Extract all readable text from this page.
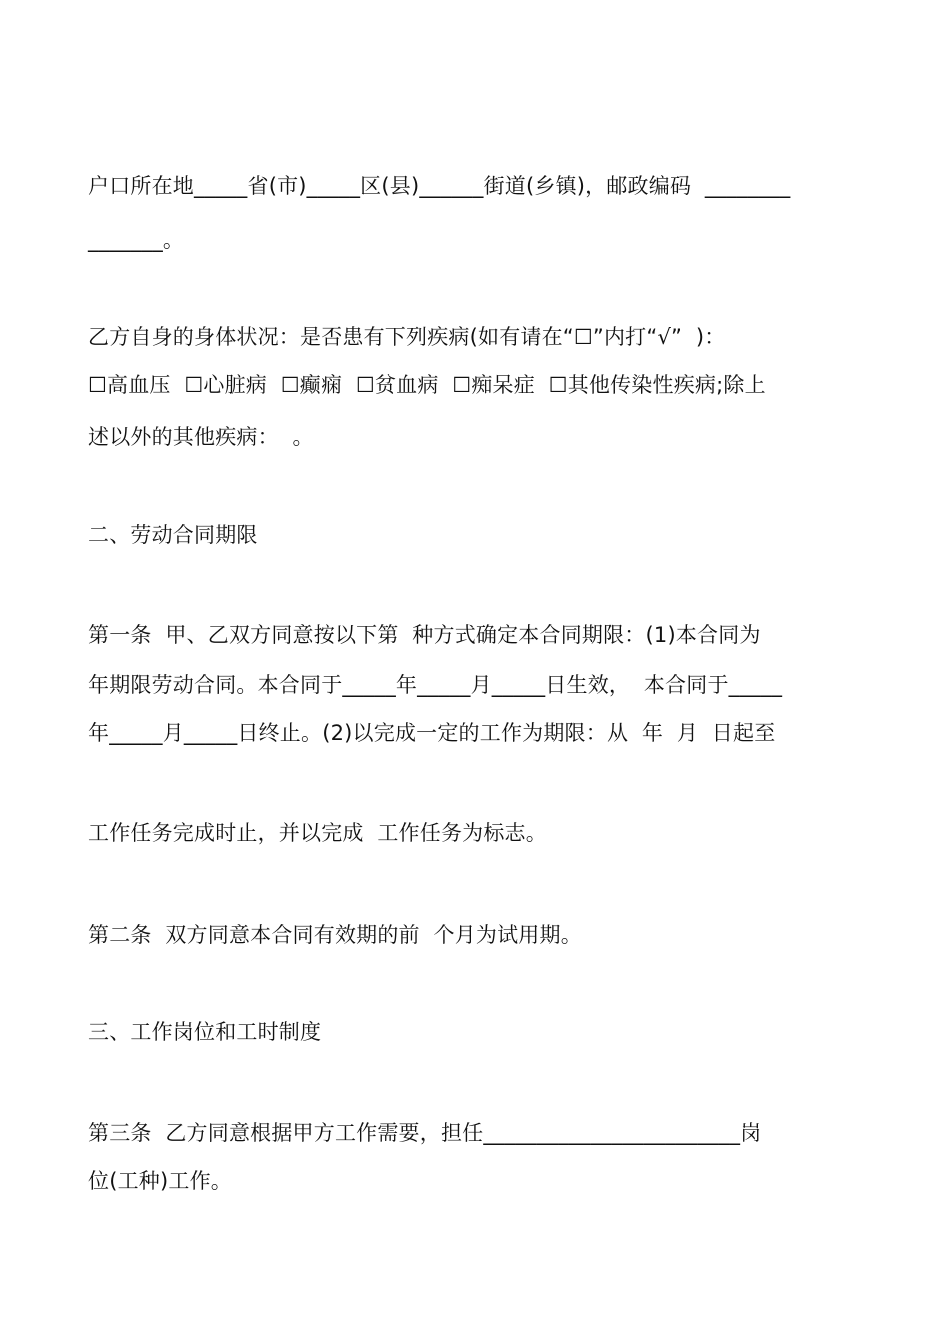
户口所在地_____省(市)_____区(县)______街道(乡镇)，邮政编码  ________
_______。
乙方自身的身体状况：是否患有下列疾病(如有请在“☐”内打“√”  )：
☐高血压  ☐心脏病  ☐癫痫  ☐贫血病  ☐痴呆症  ☐其他传染性疾病;除上
述以外的其他疾病：  。
二、劳动合同期限
第一条  甲、乙双方同意按以下第  种方式确定本合同期限：(1)本合同为
年期限劳动合同。本合同于_____年_____月_____日生效，  本合同于_____
年_____月_____日终止。(2)以完成一定的工作为期限：从  年  月  日起至
工作任务完成时止，并以完成  工作任务为标志。
第二条  双方同意本合同有效期的前  个月为试用期。
三、工作岗位和工时制度
第三条  乙方同意根据甲方工作需要，担任________________________岗
位(工种)工作。
